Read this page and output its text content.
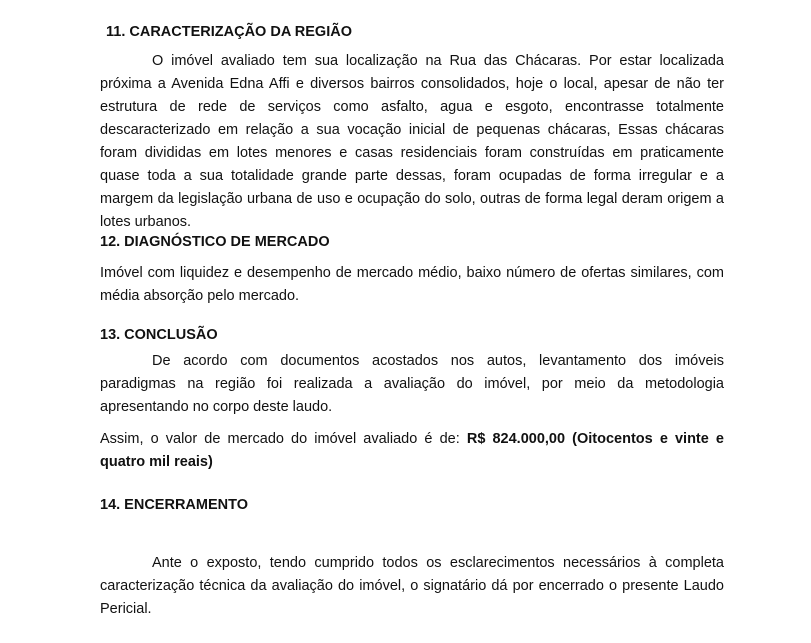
11. CARACTERIZAÇÃO DA REGIÃO

O imóvel avaliado tem sua localização na Rua das Chácaras. Por estar localizada próxima a Avenida Edna Affi e diversos bairros consolidados, hoje o local, apesar de não ter estrutura de rede de serviços como asfalto, agua e esgoto, encontrasse totalmente descaracterizado em relação a sua vocação inicial de pequenas chácaras, Essas chácaras foram divididas em lotes menores e casas residenciais foram construídas em praticamente quase toda a sua totalidade grande parte dessas, foram ocupadas de forma irregular e a margem da legislação urbana de uso e ocupação do solo, outras de forma legal deram origem a lotes urbanos.

12. DIAGNÓSTICO DE MERCADO

Imóvel com liquidez e desempenho de mercado médio, baixo número de ofertas similares, com média absorção pelo mercado.

13. CONCLUSÃO

De acordo com documentos acostados nos autos, levantamento dos imóveis paradigmas na região foi realizada a avaliação do imóvel, por meio da metodologia apresentando no corpo deste laudo.

Assim, o valor de mercado do imóvel avaliado é de: R$ 824.000,00 (Oitocentos e vinte e quatro mil reais)

14. ENCERRAMENTO

Ante o exposto, tendo cumprido todos os esclarecimentos necessários à completa caracterização técnica da avaliação do imóvel, o signatário dá por encerrado o presente Laudo Pericial.
